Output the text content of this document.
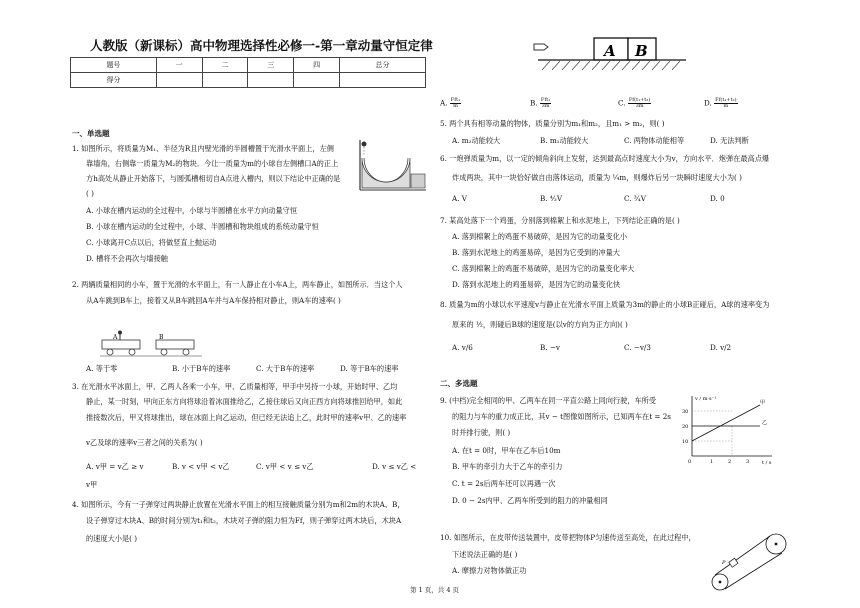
人教版（新课标）高中物理选择性必修一-第一章动量守恒定律
题号	一	二	三	四	总分
得分					
一、单选题
1. 如图所示，将质量为M₁、半径为R且内壁光滑的半圆槽置于光滑水平面上，左侧
靠墙角，右侧靠一质量为M₂的物块．今让一质量为m的小球自左侧槽口A的正上
方h高处从静止开始落下，与圆弧槽相切自A点进入槽内，则以下结论中正确的是
( )
A. 小球在槽内运动的全过程中，小球与半圆槽在水平方向动量守恒
B. 小球在槽内运动的全过程中，小球、半圆槽和物块组成的系统动量守恒
C. 小球离开C点以后，将做竖直上抛运动
D. 槽将不会再次与墙接触
2. 两辆质量相同的小车，置于光滑的水平面上，有一人静止在小车A上，两车静止，如图所示．当这个人
从A车跳到B车上，接着又从B车跳回A车并与A车保持相对静止，则A车的速率( )
A	B
A. 等于零	B. 小于B车的速率	C. 大于B车的速率	D. 等于B车的速率
3. 在光滑水平冰面上，甲、乙两人各乘一小车，甲、乙质量相等，甲手中另持一小球，开始时甲、乙均
静止，某一时刻，甲向正东方向将球沿着冰面推给乙，乙接住球后又向正西方向将球推回给甲，如此
推接数次后，甲又将球推出，球在冰面上向乙运动，但已经无法追上乙，此时甲的速率v甲、乙的速率
v乙及球的速率v三者之间的关系为( )
A. v甲 = v乙 ≥ v	B. v < v甲 < v乙	C. v甲 < v ≤ v乙	D. v ≤ v乙 <
v甲
4. 如图所示，今有一子弹穿过两块静止放置在光滑水平面上的相互接触质量分别为m和2m的木块A、B，
设子弹穿过木块A、B的时间分别为t₁和t₂，木块对子弹的阻力恒为Ff，则子弹穿过两木块后，木块A
的速度大小是( )
第 1 页，共 4 页
A B
A. $\frac{\text{Fft₁}}{m}$	B. $\frac{\text{Fft₁}}{3m}$	C. $\frac{\text{Ff(t₁+t₂)}}{3m}$	D. $\frac{\text{Ff(t₁+t₂)}}{m}$
5. 两个具有相等动量的物体，质量分别为m₁和m₂，且m₁ > m₂，则( )
A. m₂动能较大	B. m₁动能较大	C. 两物体动能相等	D. 无法判断
6. 一炮弹质量为m，以一定的倾角斜向上发射，达到最高点时速度大小为v，方向水平．炮弹在最高点爆
炸成两块，其中一块恰好做自由落体运动，质量为 ¼m，则爆炸后另一块瞬时速度大小为( )
A. V	B. ⁴⁄₃V	C. ³⁄₄V	D. 0
7. 某高处落下一个鸡蛋，分别落到棉絮上和水泥地上，下列结论正确的是( )
A. 落到棉絮上的鸡蛋不易破碎，是因为它的动量变化小
B. 落到水泥地上的鸡蛋易碎，是因为它受到的冲量大
C. 落到棉絮上的鸡蛋不易破碎，是因为它的动量变化率大
D. 落到水泥地上的鸡蛋易碎，是因为它的动量变化快
8. 质量为m的小球以水平速度v与静止在光滑水平面上质量为3m的静止的小球B正碰后，A球的速率变为
原来的 ½，则碰后B球的速度是(以v的方向为正方向)( )
A. v/6	B. −v	C. −v/3	D. v/2
二、多选题
9. (中档)完全相同的甲、乙两车在同一平直公路上同向行驶，车所受
的阻力与车的重力成正比，其v − t图像如图所示，已知两车在t = 2s
时并排行驶，则( )
A. 在t = 0时，甲车在乙车后10m
B. 甲车的牵引力大于乙车的牵引力
C. t = 2s后两车还可以再遇一次
D. 0 − 2s内甲、乙两车所受到的阻力的冲量相同
v / m·s⁻¹
t / s
30
20
10
0	1	2	3
甲
乙
10. 如图所示，在皮带传送装置中，皮带把物体P匀速传送至高处，在此过程中，
下述说法正确的是( )
A. 摩擦力对物体做正功
P
